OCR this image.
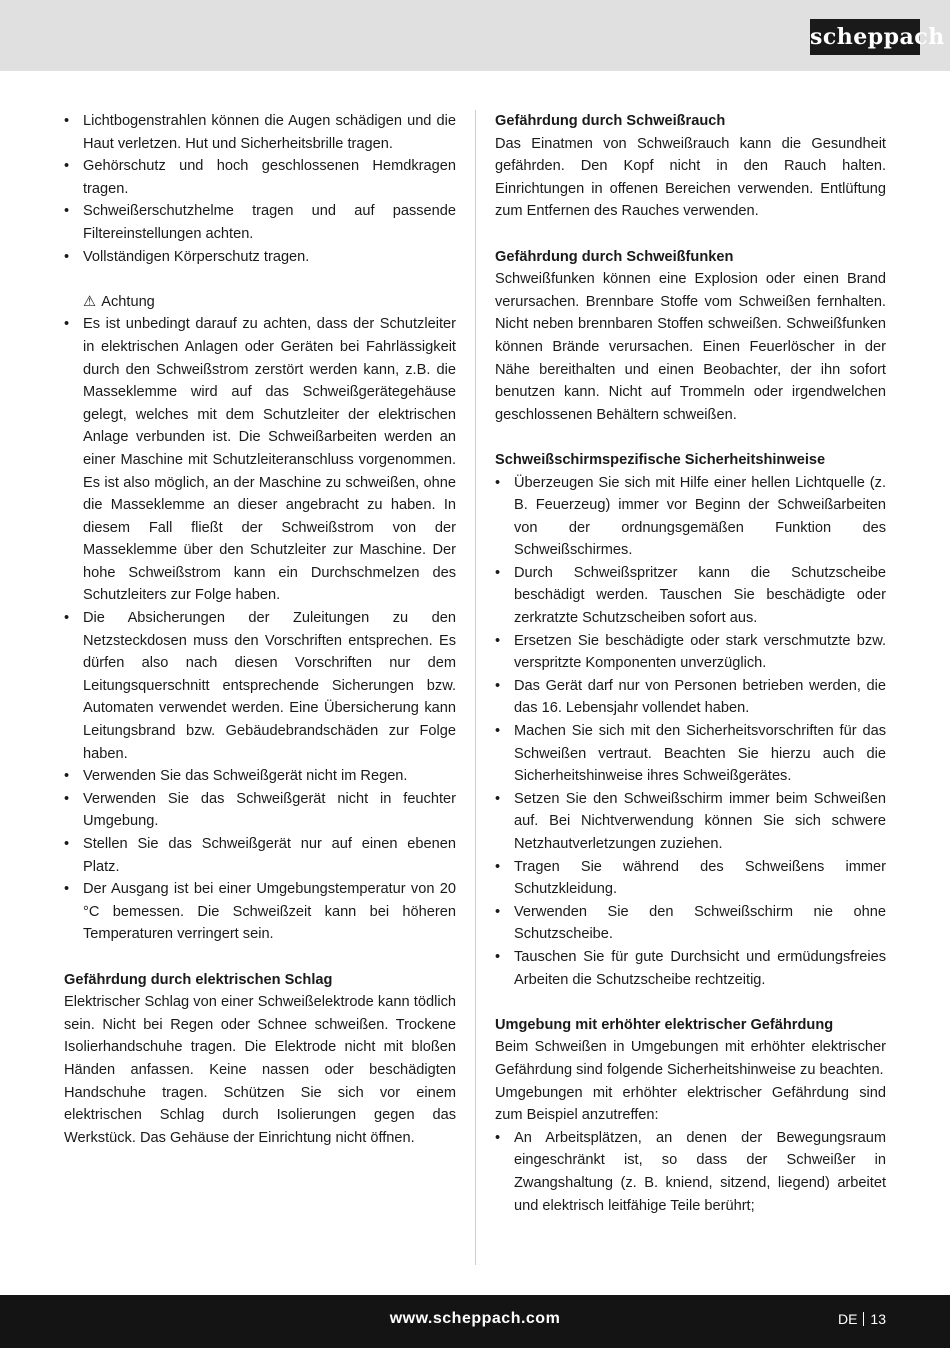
scheppach
• Lichtbogenstrahlen können die Augen schädigen und die Haut verletzen. Hut und Sicherheitsbrille tragen.
• Gehörschutz und hoch geschlossenen Hemdkragen tragen.
• Schweißerschutzhelme tragen und auf passende Filtereinstellungen achten.
• Vollständigen Körperschutz tragen.

⚠ Achtung

• Es ist unbedingt darauf zu achten, dass der Schutzleiter in elektrischen Anlagen oder Geräten bei Fahrlässigkeit durch den Schweißstrom zerstört werden kann, z.B. die Masseklemme wird auf das Schweißgerätegehäuse gelegt, welches mit dem Schutzleiter der elektrischen Anlage verbunden ist. Die Schweißarbeiten werden an einer Maschine mit Schutzleiteranschluss vorgenommen. Es ist also möglich, an der Maschine zu schweißen, ohne die Masseklemme an dieser angebracht zu haben. In diesem Fall fließt der Schweißstrom von der Masseklemme über den Schutzleiter zur Maschine. Der hohe Schweißstrom kann ein Durchschmelzen des Schutzleiters zur Folge haben.
• Die Absicherungen der Zuleitungen zu den Netzsteckdosen muss den Vorschriften entsprechen. Es dürfen also nach diesen Vorschriften nur dem Leitungsquerschnitt entsprechende Sicherungen bzw. Automaten verwendet werden. Eine Übersicherung kann Leitungsbrand bzw. Gebäudebrandschäden zur Folge haben.
• Verwenden Sie das Schweißgerät nicht im Regen.
• Verwenden Sie das Schweißgerät nicht in feuchter Umgebung.
• Stellen Sie das Schweißgerät nur auf einen ebenen Platz.
• Der Ausgang ist bei einer Umgebungstemperatur von 20 °C bemessen. Die Schweißzeit kann bei höheren Temperaturen verringert sein.

Gefährdung durch elektrischen Schlag

Elektrischer Schlag von einer Schweißelektrode kann tödlich sein. Nicht bei Regen oder Schnee schweißen. Trockene Isolierhandschuhe tragen. Die Elektrode nicht mit bloßen Händen anfassen. Keine nassen oder beschädigten Handschuhe tragen. Schützen Sie sich vor einem elektrischen Schlag durch Isolierungen gegen das Werkstück. Das Gehäuse der Einrichtung nicht öffnen.

Gefährdung durch Schweißrauch

Das Einatmen von Schweißrauch kann die Gesundheit gefährden. Den Kopf nicht in den Rauch halten. Einrichtungen in offenen Bereichen verwenden. Entlüftung zum Entfernen des Rauches verwenden.

Gefährdung durch Schweißfunken

Schweißfunken können eine Explosion oder einen Brand verursachen. Brennbare Stoffe vom Schweißen fernhalten. Nicht neben brennbaren Stoffen schweißen. Schweißfunken können Brände verursachen. Einen Feuerlöscher in der Nähe bereithalten und einen Beobachter, der ihn sofort benutzen kann. Nicht auf Trommeln oder irgendwelchen geschlossenen Behältern schweißen.

Schweißschirmspezifische Sicherheitshinweise

• Überzeugen Sie sich mit Hilfe einer hellen Lichtquelle (z. B. Feuerzeug) immer vor Beginn der Schweißarbeiten von der ordnungsgemäßen Funktion des Schweißschirmes.
• Durch Schweißspritzer kann die Schutzscheibe beschädigt werden. Tauschen Sie beschädigte oder zerkratzte Schutzscheiben sofort aus.
• Ersetzen Sie beschädigte oder stark verschmutzte bzw. verspritzte Komponenten unverzüglich.
• Das Gerät darf nur von Personen betrieben werden, die das 16. Lebensjahr vollendet haben.
• Machen Sie sich mit den Sicherheitsvorschriften für das Schweißen vertraut. Beachten Sie hierzu auch die Sicherheitshinweise ihres Schweißgerätes.
• Setzen Sie den Schweißschirm immer beim Schweißen auf. Bei Nichtverwendung können Sie sich schwere Netzhautverletzungen zuziehen.
• Tragen Sie während des Schweißens immer Schutzkleidung.
• Verwenden Sie den Schweißschirm nie ohne Schutzscheibe.
• Tauschen Sie für gute Durchsicht und ermüdungsfreies Arbeiten die Schutzscheibe rechtzeitig.

Umgebung mit erhöhter elektrischer Gefährdung

Beim Schweißen in Umgebungen mit erhöhter elektrischer Gefährdung sind folgende Sicherheitshinweise zu beachten.

Umgebungen mit erhöhter elektrischer Gefährdung sind zum Beispiel anzutreffen:

• An Arbeitsplätzen, an denen der Bewegungsraum eingeschränkt ist, so dass der Schweißer in Zwangshaltung (z. B. kniend, sitzend, liegend) arbeitet und elektrisch leitfähige Teile berührt;
www.scheppach.com	DE 13
